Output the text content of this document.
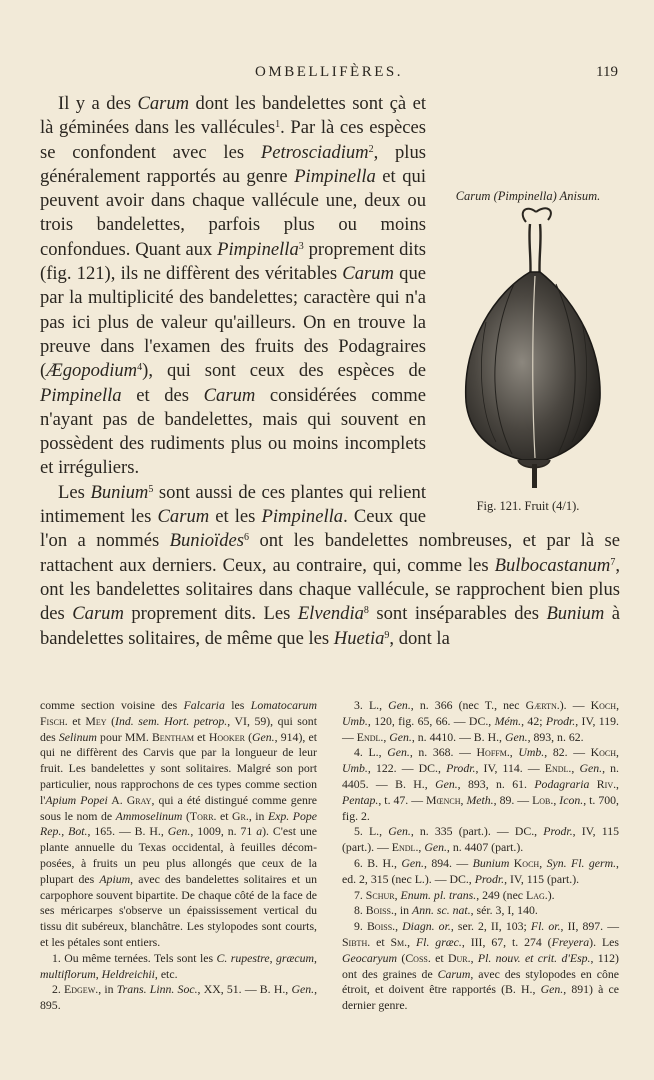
OMBELLIFÈRES.	119
Carum (Pimpinella) Anisum.
Fig. 121. Fruit (4/1).

Il y a des Carum dont les bandelettes sont çà et là géminées dans les vallécules$^1$. Par là ces espèces se confondent avec les Petrosciadium$^2$, plus généralement rapportés au genre Pimpinella et qui peuvent avoir dans chaque vallécule une, deux ou trois bandelettes, parfois plus ou moins confondues. Quant aux Pimpinella$^3$ proprement dits (fig. 121), ils ne diffèrent des véritables Carum que par la multiplicité des bandelettes; caractère qui n'a pas ici plus de valeur qu'ailleurs. On en trouve la preuve dans l'examen des fruits des Podagraires (Ægopodium$^4$), qui sont ceux des espèces de Pimpinella et des Carum considérées comme n'ayant pas de bandelettes, mais qui souvent en possèdent des rudiments plus ou moins incomplets et irréguliers.

Les Bunium$^5$ sont aussi de ces plantes qui relient intimement les Carum et les Pimpinella. Ceux que l'on a nommés Bunioïdes$^6$ ont les bandelettes nombreuses, et par là se rattachent aux derniers. Ceux, au contraire, qui, comme les Bulbocastanum$^7$, ont les bandelettes solitaires dans chaque vallécule, se rapprochent bien plus des Carum proprement dits. Les Elvendia$^8$ sont inséparables des Bunium à bandelettes solitaires, de même que les Huetia$^9$, dont la

comme section voisine des Falcaria les Lomatocarum Fisch. et Mey (Ind. sem. Hort. petrop., VI, 59), qui sont des Selinum pour MM. Bentham et Hooker (Gen., 914), et qui ne diffèrent des Carvis que par la longueur de leur fruit. Les bandelettes y sont solitaires. Malgré son port particulier, nous rapprochons de ces types comme section l'Apium Popei A. Gray, qui a été distingué comme genre sous le nom de Ammoselinum (Torr. et Gr., in Exp. Pope Rep., Bot., 165. — B. H., Gen., 1009, n. 71 a). C'est une plante annuelle du Texas occidental, à feuilles décomposées, à fruits un peu plus allongés que ceux de la plupart des Apium, avec des bandelettes solitaires et un carpophore souvent bipartite. De chaque côté de la face de ses méricarpes s'observe un épaississement vertical du tissu dit subéreux, blanchâtre. Les stylopodes sont courts, et les pétales sont entiers.

1. Ou même ternées. Tels sont les C. rupestre, græcum, multiflorum, Heldreichii, etc.

2. Edgew., in Trans. Linn. Soc., XX, 51. — B. H., Gen., 895.

3. L., Gen., n. 366 (nec T., nec Gærtn.). — Koch, Umb., 120, fig. 65, 66. — DC., Mém., 42; Prodr., IV, 119. — Endl., Gen., n. 4410. — B. H., Gen., 893, n. 62.

4. L., Gen., n. 368. — Hoffm., Umb., 82. — Koch, Umb., 122. — DC., Prodr., IV, 114. — Endl., Gen., n. 4405. — B. H., Gen., 893, n. 61. Podagraria Riv., Pentap., t. 47. — Mœnch, Meth., 89. — Lob., Icon., t. 700, fig. 2.

5. L., Gen., n. 335 (part.). — DC., Prodr., IV, 115 (part.). — Endl., Gen., n. 4407 (part.).

6. B. H., Gen., 894. — Bunium Koch, Syn. Fl. germ., ed. 2, 315 (nec L.). — DC., Prodr., IV, 115 (part.).

7. Schur, Enum. pl. trans., 249 (nec Lag.).

8. Boiss., in Ann. sc. nat., sér. 3, I, 140.

9. Boiss., Diagn. or., ser. 2, II, 103; Fl. or., II, 897. — Sibth. et Sm., Fl. græc., III, 67, t. 274 (Freyera). Les Geocaryum (Coss. et Dur., Pl. nouv. et crit. d'Esp., 112) ont des graines de Carum, avec des stylopodes en cône étroit, et doivent être rapportés (B. H., Gen., 891) à ce dernier genre.
